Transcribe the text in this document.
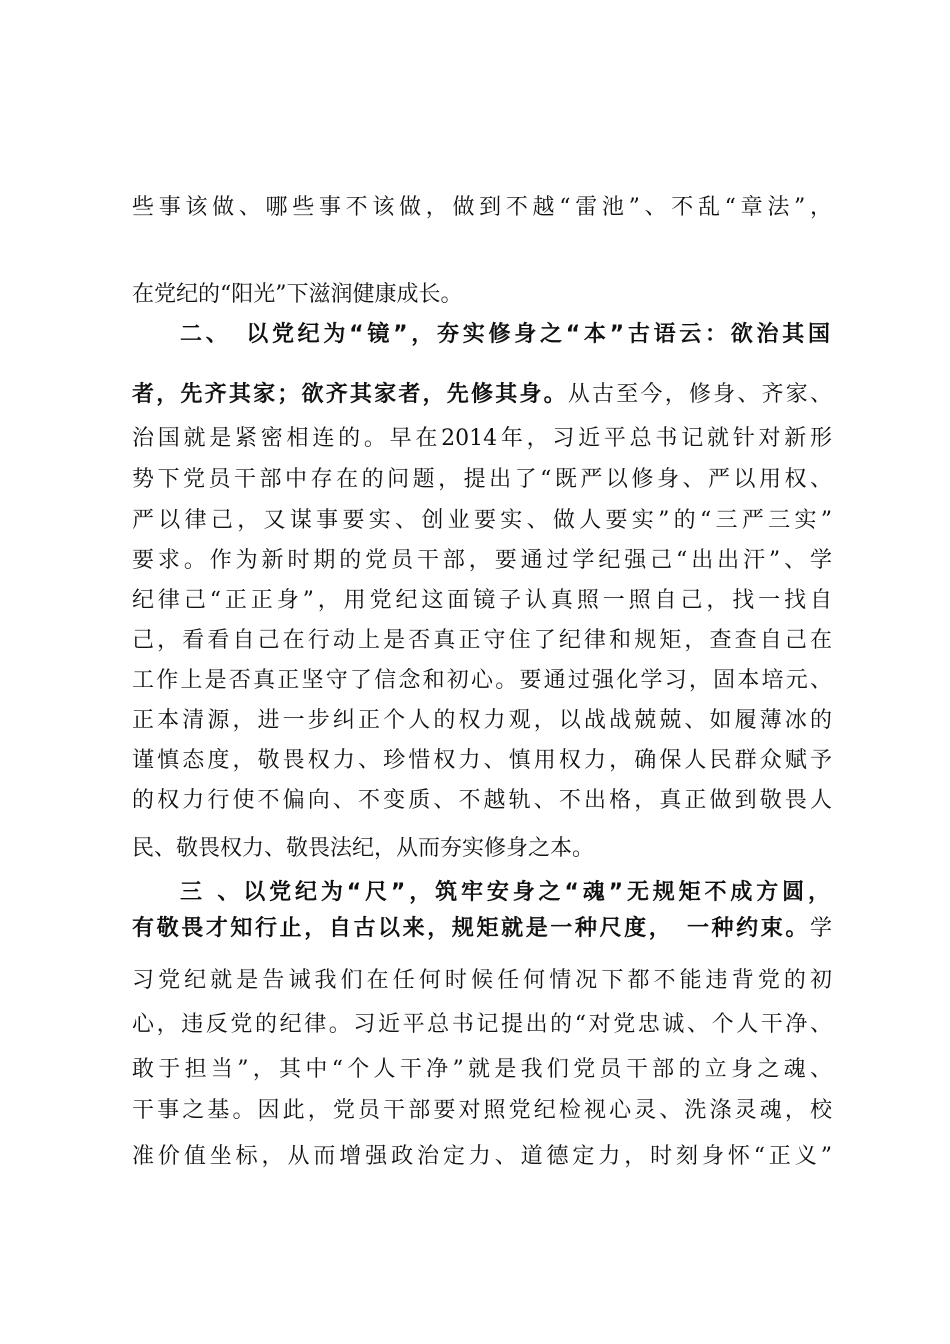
些事该做、哪些事不该做，做到不越“雷池”、不乱“章法”，
在党纪的“阳光”下滋润健康成长。
二、　以党纪为“镜”，夯实修身之“本”古语云：欲治其国
者，先齐其家；欲齐其家者，先修其身。从古至今，修身、齐家、
治国就是紧密相连的。早在2014年，习近平总书记就针对新形
势下党员干部中存在的问题，提出了“既严以修身、严以用权、
严以律己，又谋事要实、创业要实、做人要实”的“三严三实”
要求。作为新时期的党员干部，要通过学纪强己“出出汗”、学
纪律己“正正身”，用党纪这面镜子认真照一照自己，找一找自
己，看看自己在行动上是否真正守住了纪律和规矩，查查自己在
工作上是否真正坚守了信念和初心。要通过强化学习，固本培元、
正本清源，进一步纠正个人的权力观，以战战兢兢、如履薄冰的
谨慎态度，敬畏权力、珍惜权力、慎用权力，确保人民群众赋予
的权力行使不偏向、不变质、不越轨、不出格，真正做到敬畏人
民、敬畏权力、敬畏法纪，从而夯实修身之本。
三 、以党纪为“尺”，筑牢安身之“魂”无规矩不成方圆，
有敬畏才知行止，自古以来，规矩就是一种尺度，　一种约束。学
习党纪就是告诫我们在任何时候任何情况下都不能违背党的初
心，违反党的纪律。习近平总书记提出的“对党忠诚、个人干净、
敢于担当”，其中“个人干净”就是我们党员干部的立身之魂、
干事之基。因此，党员干部要对照党纪检视心灵、洗涤灵魂，校
准价值坐标，从而增强政治定力、道德定力，时刻身怀“正义”
